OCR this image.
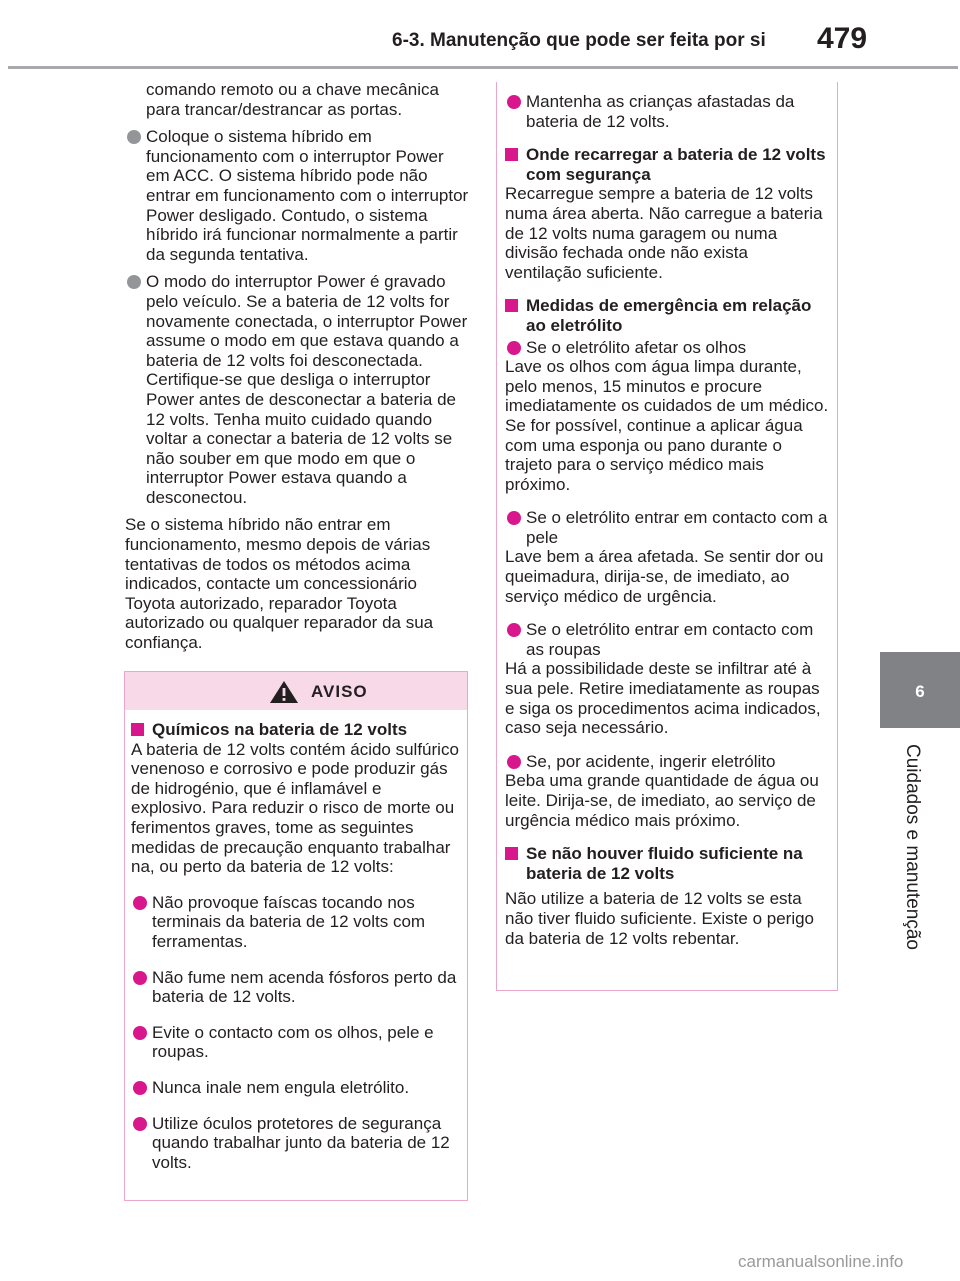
6-3. Manutenção que pode ser feita por si 479
6
Cuidados e manutenção

comando remoto ou a chave mecânica para trancar/destrancar as portas.

Coloque o sistema híbrido em funcionamento com o interruptor Power em ACC. O sistema híbrido pode não entrar em funcionamento com o interruptor Power desligado. Contudo, o sistema híbrido irá funcionar normalmente a partir da segunda tentativa.
O modo do interruptor Power é gravado pelo veículo. Se a bateria de 12 volts for novamente conectada, o interruptor Power assume o modo em que estava quando a bateria de 12 volts foi desconectada. Certifique-se que desliga o interruptor Power antes de desconectar a bateria de 12 volts. Tenha muito cuidado quando voltar a conectar a bateria de 12 volts se não souber em que modo em que o interruptor Power estava quando a desconectou.

Se o sistema híbrido não entrar em funcionamento, mesmo depois de várias tentativas de todos os métodos acima indicados, contacte um concessionário Toyota autorizado, reparador Toyota autorizado ou qualquer reparador da sua confiança.

AVISO
Químicos na bateria de 12 volts

A bateria de 12 volts contém ácido sulfúrico venenoso e corrosivo e pode produzir gás de hidrogénio, que é inflamável e explosivo. Para reduzir o risco de morte ou ferimentos graves, tome as seguintes medidas de precaução enquanto trabalhar na, ou perto da bateria de 12 volts:

Não provoque faíscas tocando nos terminais da bateria de 12 volts com ferramentas.
Não fume nem acenda fósforos perto da bateria de 12 volts.
Evite o contacto com os olhos, pele e roupas.
Nunca inale nem engula eletrólito.
Utilize óculos protetores de segurança quando trabalhar junto da bateria de 12 volts.
Mantenha as crianças afastadas da bateria de 12 volts.
Onde recarregar a bateria de 12 volts com segurança

Recarregue sempre a bateria de 12 volts numa área aberta. Não carregue a bateria de 12 volts numa garagem ou numa divisão fechada onde não exista ventilação suficiente.

Medidas de emergência em relação ao eletrólito
Se o eletrólito afetar os olhos

Lave os olhos com água limpa durante, pelo menos, 15 minutos e procure imediatamente os cuidados de um médico. Se for possível, continue a aplicar água com uma esponja ou pano durante o trajeto para o serviço médico mais próximo.

Se o eletrólito entrar em contacto com a pele

Lave bem a área afetada. Se sentir dor ou queimadura, dirija-se, de imediato, ao serviço médico de urgência.

Se o eletrólito entrar em contacto com as roupas

Há a possibilidade deste se infiltrar até à sua pele. Retire imediatamente as roupas e siga os procedimentos acima indicados, caso seja necessário.

Se, por acidente, ingerir eletrólito

Beba uma grande quantidade de água ou leite. Dirija-se, de imediato, ao serviço de urgência médico mais próximo.

Se não houver fluido suficiente na bateria de 12 volts

Não utilize a bateria de 12 volts se esta não tiver fluido suficiente. Existe o perigo da bateria de 12 volts rebentar.

carmanualsonline.info
